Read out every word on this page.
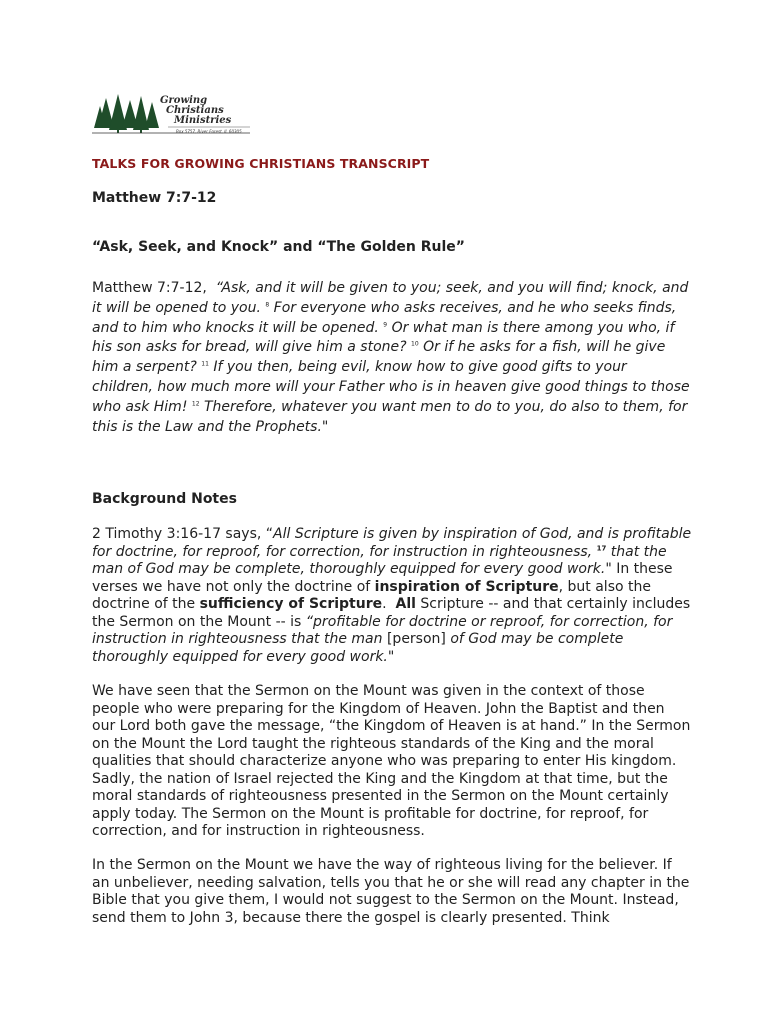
Growing
Christians
Ministries
Box 5757, River Forest, IL 60305
TALKS FOR GROWING CHRISTIANS TRANSCRIPT
Matthew 7:7-12
“Ask, Seek, and Knock” and “The Golden Rule”

Matthew 7:7-12, “Ask, and it will be given to you; seek, and you will find; knock, and it will be opened to you. $^8$ For everyone who asks receives, and he who seeks finds, and to him who knocks it will be opened. $^9$ Or what man is there among you who, if his son asks for bread, will give him a stone? $^{10}$ Or if he asks for a fish, will he give him a serpent? $^{11}$ If you then, being evil, know how to give good gifts to your children, how much more will your Father who is in heaven give good things to those who ask Him! $^{12}$ Therefore, whatever you want men to do to you, do also to them, for this is the Law and the Prophets."

Background Notes

2 Timothy 3:16-17 says, “All Scripture is given by inspiration of God, and is profitable for doctrine, for reproof, for correction, for instruction in righteousness, $^{17}$ that the man of God may be complete, thoroughly equipped for every good work." In these verses we have not only the doctrine of inspiration of Scripture, but also the doctrine of the sufficiency of Scripture. All Scripture -- and that certainly includes the Sermon on the Mount -- is “profitable for doctrine or reproof, for correction, for instruction in righteousness that the man [person] of God may be complete thoroughly equipped for every good work."

We have seen that the Sermon on the Mount was given in the context of those people who were preparing for the Kingdom of Heaven. John the Baptist and then our Lord both gave the message, “the Kingdom of Heaven is at hand.” In the Sermon on the Mount the Lord taught the righteous standards of the King and the moral qualities that should characterize anyone who was preparing to enter His kingdom. Sadly, the nation of Israel rejected the King and the Kingdom at that time, but the moral standards of righteousness presented in the Sermon on the Mount certainly apply today. The Sermon on the Mount is profitable for doctrine, for reproof, for correction, and for instruction in righteousness.

In the Sermon on the Mount we have the way of righteous living for the believer. If an unbeliever, needing salvation, tells you that he or she will read any chapter in the Bible that you give them, I would not suggest to the Sermon on the Mount. Instead, send them to John 3, because there the gospel is clearly presented. Think
